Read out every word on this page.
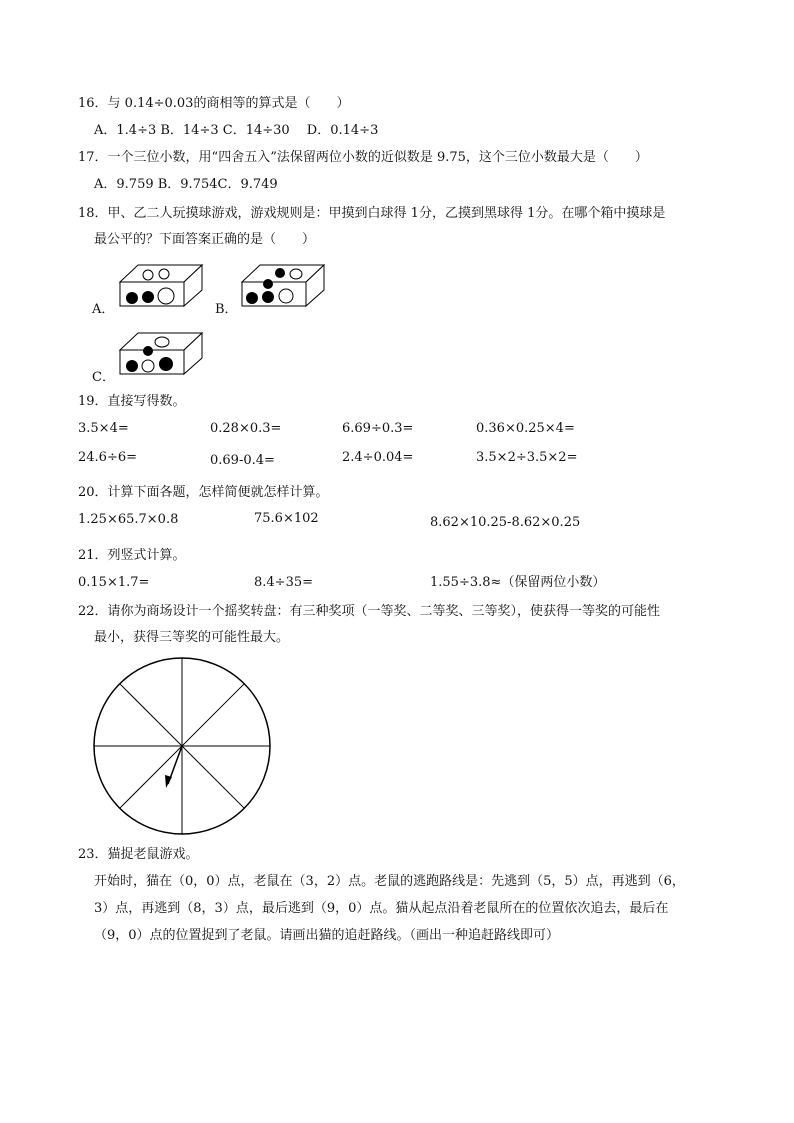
16．与 0.14÷0.03的商相等的算式是（　　）
A．1.4÷3 B．14÷3 C．14÷30　 D．0.14÷3
17．一个三位小数，用“四舍五入”法保留两位小数的近似数是 9.75，这个三位小数最大是（　　）
A．9.759 B．9.754C．9.749
18．甲、乙二人玩摸球游戏，游戏规则是：甲摸到白球得 1分，乙摸到黑球得 1分。在哪个箱中摸球是
最公平的？下面答案正确的是（　　）
A．	B．
C．
19．直接写得数。
3.5×4=	0.28×0.3=	6.69÷0.3=	0.36×0.25×4=
24.6÷6=	0.69-0.4=	2.4÷0.04=	3.5×2÷3.5×2=
20．计算下面各题，怎样简便就怎样计算。
1.25×65.7×0.8	75.6×102	8.62×10.25-8.62×0.25
21．列竖式计算。
0.15×1.7=	8.4÷35=	1.55÷3.8≈（保留两位小数）
22．请你为商场设计一个摇奖转盘：有三种奖项（一等奖、二等奖、三等奖），使获得一等奖的可能性
最小，获得三等奖的可能性最大。
23．猫捉老鼠游戏。
开始时，猫在（0，0）点，老鼠在（3，2）点。老鼠的逃跑路线是：先逃到（5，5）点，再逃到（6，
3）点，再逃到（8，3）点，最后逃到（9，0）点。猫从起点沿着老鼠所在的位置依次追去，最后在
（9，0）点的位置捉到了老鼠。请画出猫的追赶路线。（画出一种追赶路线即可）
